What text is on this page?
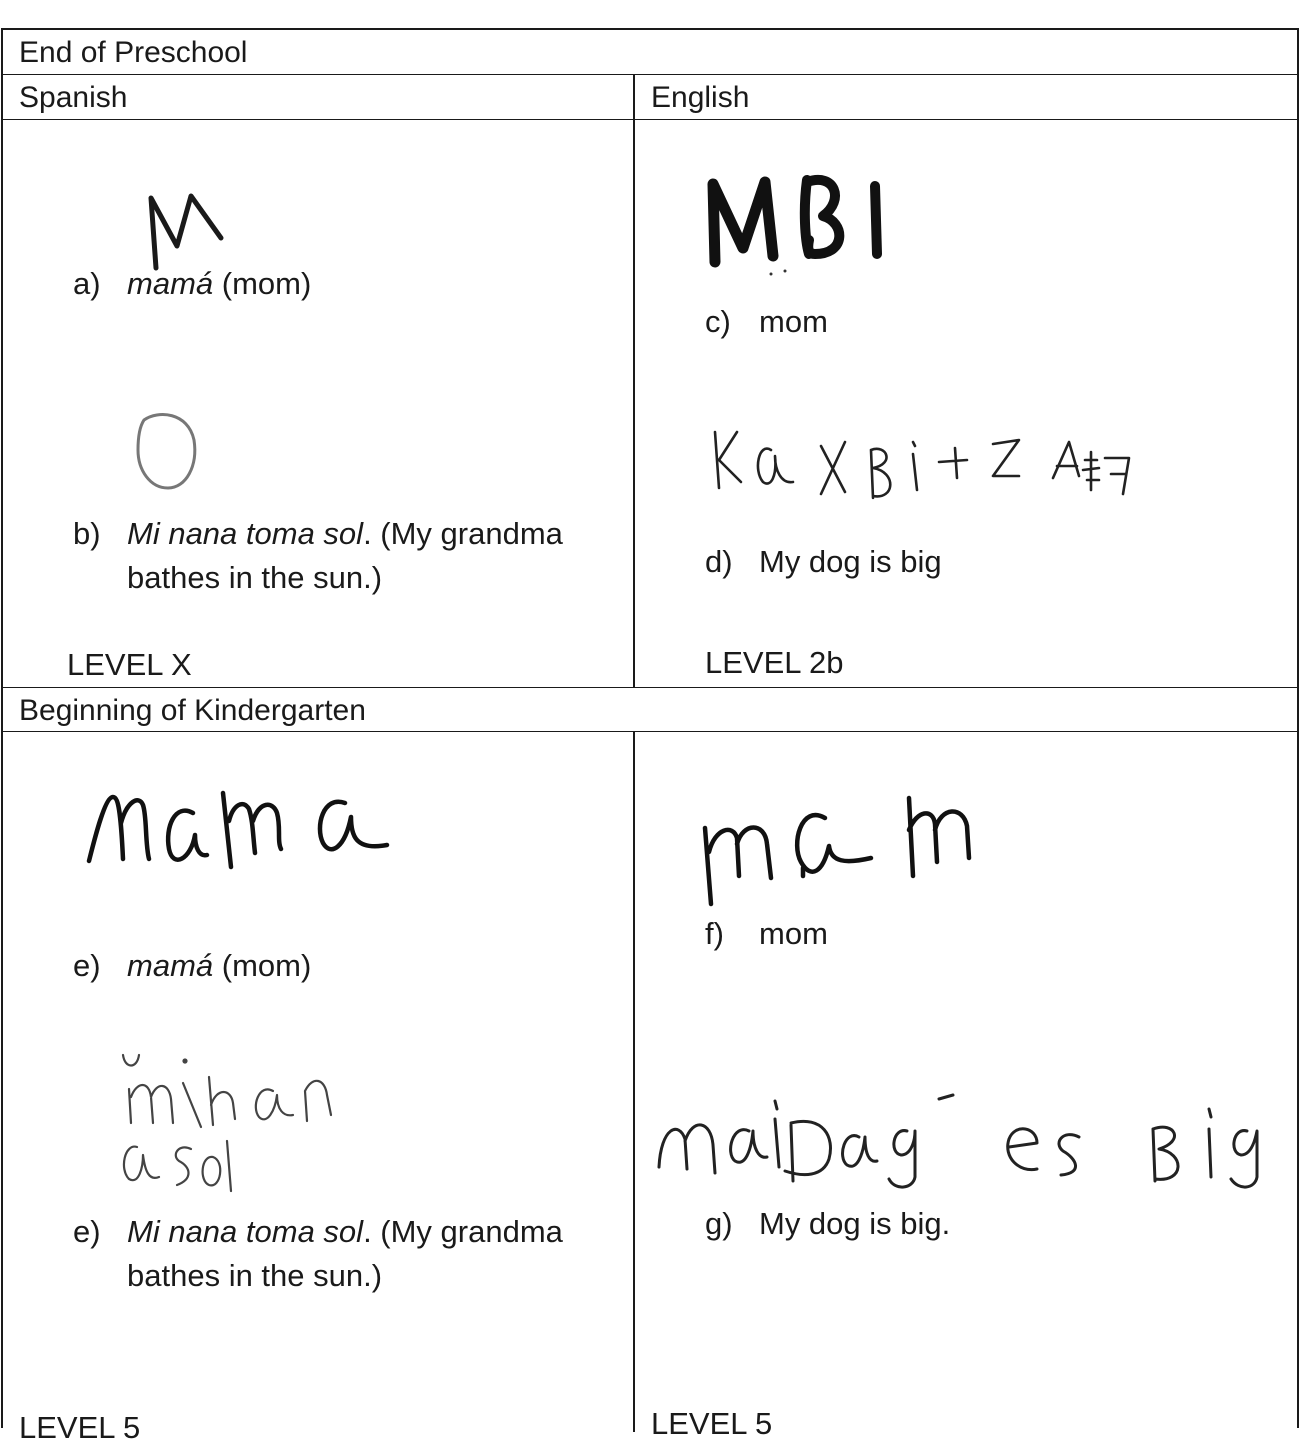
End of Preschool
Spanish	English
a) mamá (mom)
b) Mi nana toma sol. (My grandma
bathes in the sun.)
LEVEL X
c) mom
d) My dog is big
LEVEL 2b
Beginning of Kindergarten
e) mamá (mom)
e) Mi nana toma sol. (My grandma
bathes in the sun.)
LEVEL 5
f) mom
g) My dog is big.
LEVEL 5
